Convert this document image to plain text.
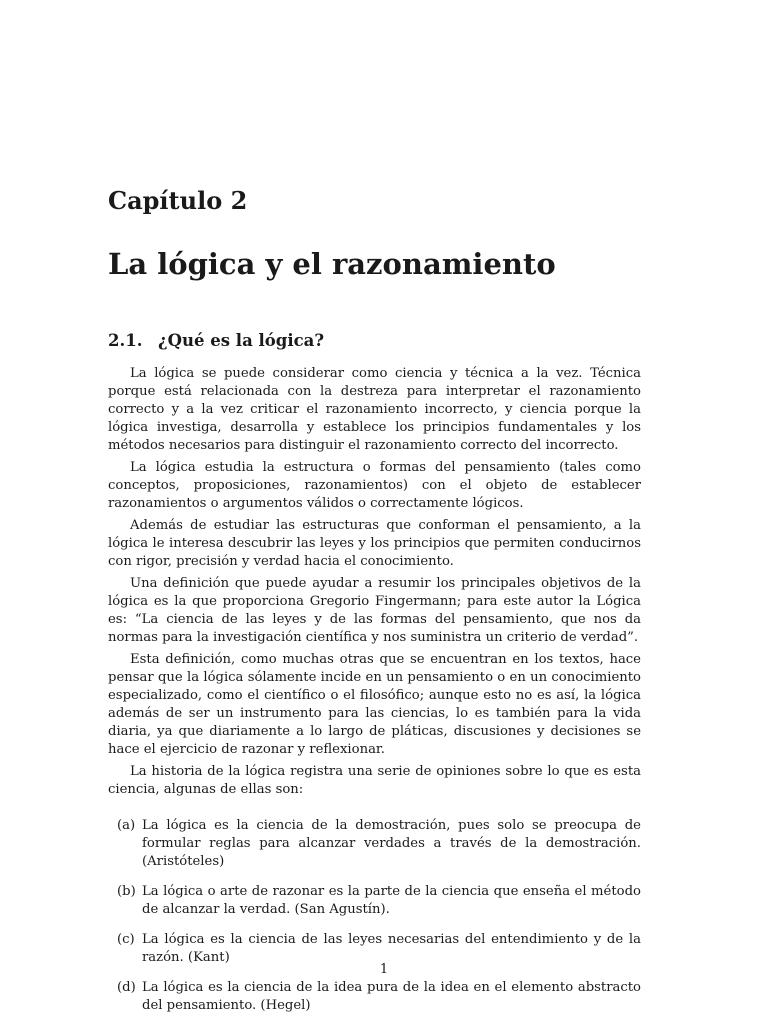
Capítulo 2
La lógica y el razonamiento
2.1. ¿Qué es la lógica?

La lógica se puede considerar como ciencia y técnica a la vez. Técnica porque está relacionada con la destreza para interpretar el razonamiento correcto y a la vez criticar el razonamiento incorrecto, y ciencia porque la lógica investiga, desarrolla y establece los principios fundamentales y los métodos necesarios para distinguir el razonamiento correcto del incorrecto.

La lógica estudia la estructura o formas del pensamiento (tales como conceptos, proposiciones, razonamientos) con el objeto de establecer razonamientos o argumentos válidos o correctamente lógicos.

Además de estudiar las estructuras que conforman el pensamiento, a la lógica le interesa descubrir las leyes y los principios que permiten conducirnos con rigor, precisión y verdad hacia el conocimiento.

Una definición que puede ayudar a resumir los principales objetivos de la lógica es la que proporciona Gregorio Fingermann; para este autor la Lógica es: “La ciencia de las leyes y de las formas del pensamiento, que nos da normas para la investigación científica y nos suministra un criterio de verdad”.

Esta definición, como muchas otras que se encuentran en los textos, hace pensar que la lógica sólamente incide en un pensamiento o en un conocimiento especializado, como el científico o el filosófico; aunque esto no es así, la lógica además de ser un instrumento para las ciencias, lo es también para la vida diaria, ya que diariamente a lo largo de pláticas, discusiones y decisiones se hace el ejercicio de razonar y reflexionar.

La historia de la lógica registra una serie de opiniones sobre lo que es esta ciencia, algunas de ellas son:

(a) La lógica es la ciencia de la demostración, pues solo se preocupa de formular reglas para alcanzar verdades a través de la demostración. (Aristóteles)
(b) La lógica o arte de razonar es la parte de la ciencia que enseña el método de alcanzar la verdad. (San Agustín).
(c) La lógica es la ciencia de las leyes necesarias del entendimiento y de la razón. (Kant)
(d) La lógica es la ciencia de la idea pura de la idea en el elemento abstracto del pensamiento. (Hegel)
1
